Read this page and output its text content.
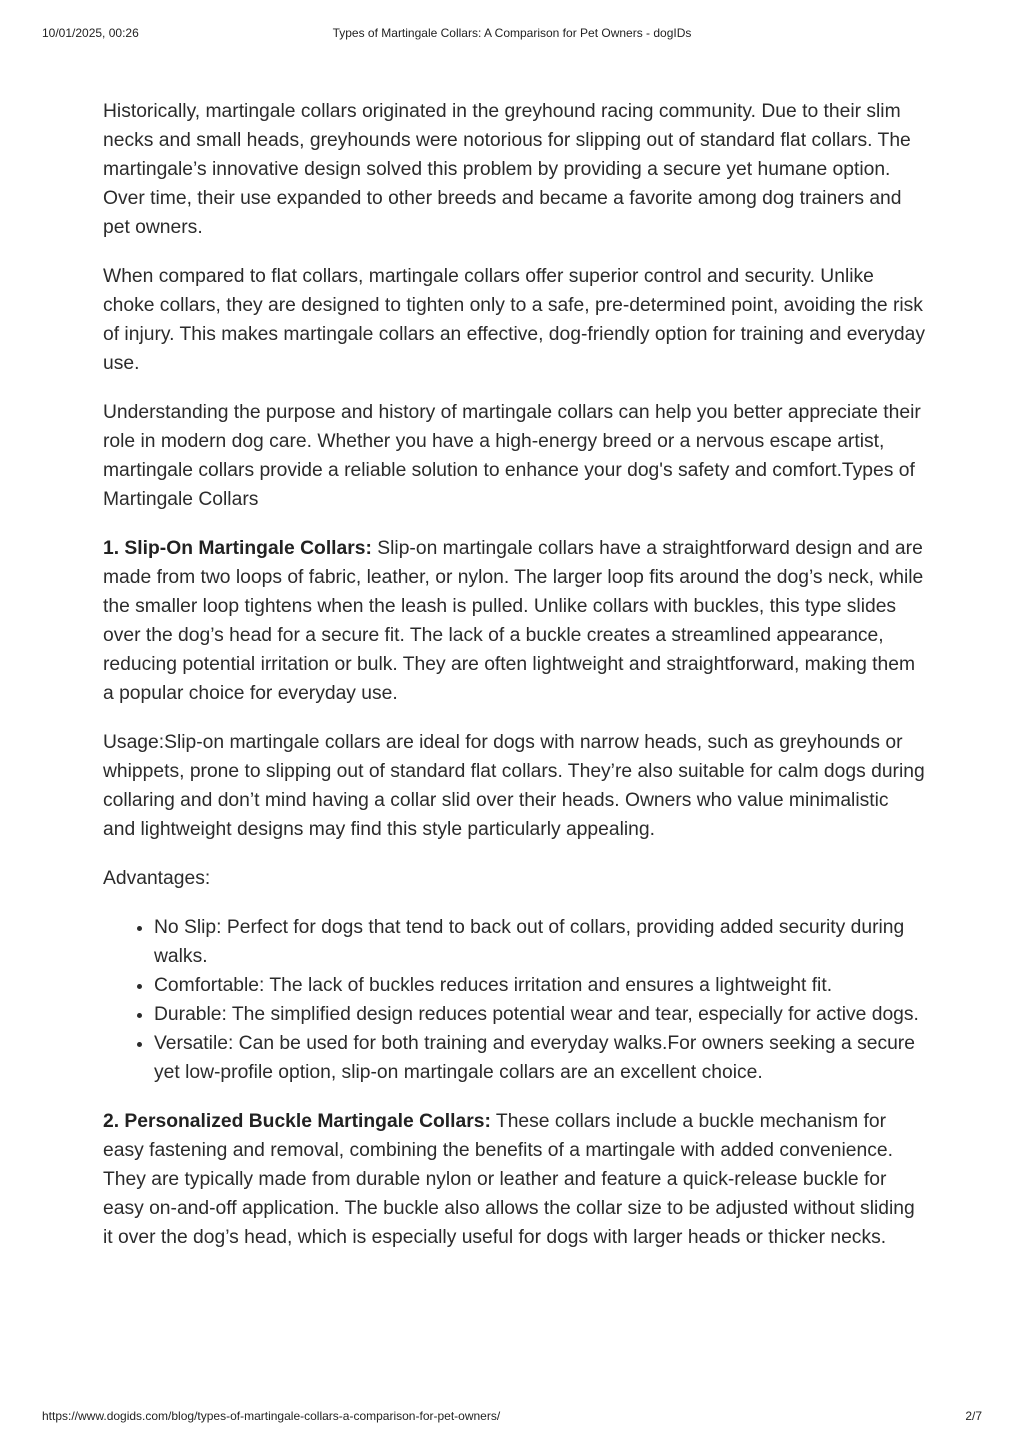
10/01/2025, 00:26	Types of Martingale Collars: A Comparison for Pet Owners - dogIDs

Historically, martingale collars originated in the greyhound racing community. Due to their slim necks and small heads, greyhounds were notorious for slipping out of standard flat collars. The martingale’s innovative design solved this problem by providing a secure yet humane option. Over time, their use expanded to other breeds and became a favorite among dog trainers and pet owners.

When compared to flat collars, martingale collars offer superior control and security. Unlike choke collars, they are designed to tighten only to a safe, pre-determined point, avoiding the risk of injury. This makes martingale collars an effective, dog-friendly option for training and everyday use.

Understanding the purpose and history of martingale collars can help you better appreciate their role in modern dog care. Whether you have a high-energy breed or a nervous escape artist, martingale collars provide a reliable solution to enhance your dog's safety and comfort.Types of Martingale Collars

1. Slip-On Martingale Collars: Slip-on martingale collars have a straightforward design and are made from two loops of fabric, leather, or nylon. The larger loop fits around the dog’s neck, while the smaller loop tightens when the leash is pulled. Unlike collars with buckles, this type slides over the dog’s head for a secure fit. The lack of a buckle creates a streamlined appearance, reducing potential irritation or bulk. They are often lightweight and straightforward, making them a popular choice for everyday use.

Usage:Slip-on martingale collars are ideal for dogs with narrow heads, such as greyhounds or whippets, prone to slipping out of standard flat collars. They’re also suitable for calm dogs during collaring and don’t mind having a collar slid over their heads. Owners who value minimalistic and lightweight designs may find this style particularly appealing.

Advantages:

• No Slip: Perfect for dogs that tend to back out of collars, providing added security during walks.
• Comfortable: The lack of buckles reduces irritation and ensures a lightweight fit.
• Durable: The simplified design reduces potential wear and tear, especially for active dogs.
• Versatile: Can be used for both training and everyday walks.For owners seeking a secure yet low-profile option, slip-on martingale collars are an excellent choice.

2. Personalized Buckle Martingale Collars: These collars include a buckle mechanism for easy fastening and removal, combining the benefits of a martingale with added convenience. They are typically made from durable nylon or leather and feature a quick-release buckle for easy on-and-off application. The buckle also allows the collar size to be adjusted without sliding it over the dog’s head, which is especially useful for dogs with larger heads or thicker necks.

https://www.dogids.com/blog/types-of-martingale-collars-a-comparison-for-pet-owners/	2/7
